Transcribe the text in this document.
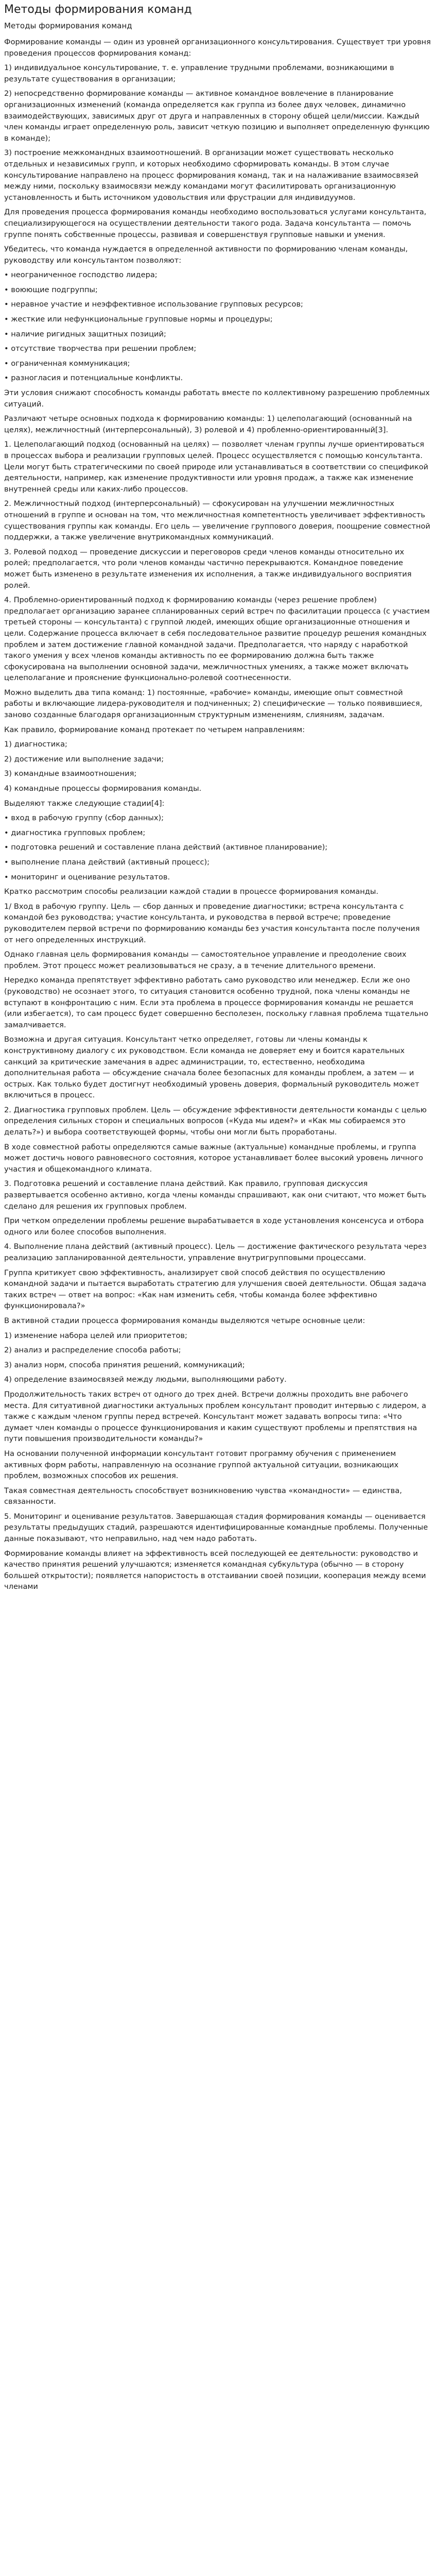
Методы формирования команд
Методы формирования команд

Формирование команды — один из уровней организационного консультирования. Существует три уровня проведения процессов формирования команд:

1) индивидуальное консультирование, т. е. управление трудными проблемами, возникающими в результате существования в организации;

2) непосредственно формирование команды — активное командное вовлечение в планирование организационных изменений (команда определяется как группа из более двух человек, динамично взаимодействующих, зависимых друг от друга и направленных в сторону общей цели/миссии. Каждый член команды играет определенную роль, зависит четкую позицию и выполняет определенную функцию в команде);

3) построение межкомандных взаимоотношений. В организации может существовать несколько отдельных и независимых групп, и которых необходимо сформировать команды. В этом случае консультирование направлено на процесс формирования команд, так и на налаживание взаимосвязей между ними, поскольку взаимосвязи между командами могут фасилитировать организационную установленность и быть источником удовольствия или фрустрации для индивидуумов.

Для проведения процесса формирования команды необходимо воспользоваться услугами консультанта, специализирующегося на осуществлении деятельности такого рода. Задача консультанта — помочь группе понять собственные процессы, развивая и совершенствуя групповые навыки и умения.

Убедитесь, что команда нуждается в определенной активности по формированию членам команды, руководству или консультантом позволяют:

• неограниченное господство лидера;

• воюющие подгруппы;

• неравное участие и неэффективное использование групповых ресурсов;

• жесткие или нефункциональные групповые нормы и процедуры;

• наличие ригидных защитных позиций;

• отсутствие творчества при решении проблем;

• ограниченная коммуникация;

• разногласия и потенциальные конфликты.

Эти условия снижают способность команды работать вместе по коллективному разрешению проблемных ситуаций.

Различают четыре основных подхода к формированию команды: 1) целеполагающий (основанный на целях), межличностный (интерперсональный), 3) ролевой и 4) проблемно-ориентированный[3].

1. Целеполагающий подход (основанный на целях) — позволяет членам группы лучше ориентироваться в процессах выбора и реализации групповых целей. Процесс осуществляется с помощью консультанта. Цели могут быть стратегическими по своей природе или устанавливаться в соответствии со спецификой деятельности, например, как изменение продуктивности или уровня продаж, а также как изменение внутренней среды или каких-либо процессов.

2. Межличностный подход (интерперсональный) — сфокусирован на улучшении межличностных отношений в группе и основан на том, что межличностная компетентность увеличивает эффективность существования группы как команды. Его цель — увеличение группового доверия, поощрение совместной поддержки, а также увеличение внутрикомандных коммуникаций.

3. Ролевой подход — проведение дискуссии и переговоров среди членов команды относительно их ролей; предполагается, что роли членов команды частично перекрываются. Командное поведение может быть изменено в результате изменения их исполнения, а также индивидуального восприятия ролей.

4. Проблемно-ориентированный подход к формированию команды (через решение проблем) предполагает организацию заранее спланированных серий встреч по фасилитации процесса (с участием третьей стороны — консультанта) с группой людей, имеющих общие организационные отношения и цели. Содержание процесса включает в себя последовательное развитие процедур решения командных проблем и затем достижение главной командной задачи. Предполагается, что наряду с наработкой такого умения у всех членов команды активность по ее формированию должна быть также сфокусирована на выполнении основной задачи, межличностных умениях, а также может включать целеполагание и прояснение функционально-ролевой соотнесенности.

Можно выделить два типа команд: 1) постоянные, «рабочие» команды, имеющие опыт совместной работы и включающие лидера-руководителя и подчиненных; 2) специфические — только появившиеся, заново созданные благодаря организационным структурным изменениям, слияниям, задачам.

Как правило, формирование команд протекает по четырем направлениям:

1) диагностика;

2) достижение или выполнение задачи;

3) командные взаимоотношения;

4) командные процессы формирования команды.

Выделяют также следующие стадии[4]:

• вход в рабочую группу (сбор данных);

• диагностика групповых проблем;

• подготовка решений и составление плана действий (активное планирование);

• выполнение плана действий (активный процесс);

• мониторинг и оценивание результатов.

Кратко рассмотрим способы реализации каждой стадии в процессе формирования команды.

1/ Вход в рабочую группу. Цель — сбор данных и проведение диагностики; встреча консультанта с командой без руководства; участие консультанта, и руководства в первой встрече; проведение руководителем первой встречи по формированию команды без участия консультанта после получения от него определенных инструкций.

Однако главная цель формирования команды — самостоятельное управление и преодоление своих проблем. Этот процесс может реализовываться не сразу, а в течение длительного времени.

Нередко команда препятствует эффективно работать само руководство или менеджер. Если же оно (руководство) не осознает этого, то ситуация становится особенно трудной, пока члены команды не вступают в конфронтацию с ним. Если эта проблема в процессе формирования команды не решается (или избегается), то сам процесс будет совершенно бесполезен, поскольку главная проблема тщательно замалчивается.

Возможна и другая ситуация. Консультант четко определяет, готовы ли члены команды к конструктивному диалогу с их руководством. Если команда не доверяет ему и боится карательных санкций за критические замечания в адрес администрации, то, естественно, необходима дополнительная работа — обсуждение сначала более безопасных для команды проблем, а затем — и острых. Как только будет достигнут необходимый уровень доверия, формальный руководитель может включиться в процесс.

2. Диагностика групповых проблем. Цель — обсуждение эффективности деятельности команды с целью определения сильных сторон и специальных вопросов («Куда мы идем?» и «Как мы собираемся это делать?») и выбора соответствующей формы, чтобы они могли быть проработаны.

В ходе совместной работы определяются самые важные (актуальные) командные проблемы, и группа может достичь нового равновесного состояния, которое устанавливает более высокий уровень личного участия и общекомандного климата.

3. Подготовка решений и составление плана действий. Как правило, групповая дискуссия развертывается особенно активно, когда члены команды спрашивают, как они считают, что может быть сделано для решения их групповых проблем.

При четком определении проблемы решение вырабатывается в ходе установления консенсуса и отбора одного или более способов выполнения.

4. Выполнение плана действий (активный процесс). Цель — достижение фактического результата через реализацию запланированной деятельности, управление внутригрупповыми процессами.

Группа критикует свою эффективность, анализирует свой способ действия по осуществлению командной задачи и пытается выработать стратегию для улучшения своей деятельности. Общая задача таких встреч — ответ на вопрос: «Как нам изменить себя, чтобы команда более эффективно функционировала?»

В активной стадии процесса формирования команды выделяются четыре основные цели:

1) изменение набора целей или приоритетов;

2) анализ и распределение способа работы;

3) анализ норм, способа принятия решений, коммуникаций;

4) определение взаимосвязей между людьми, выполняющими работу.

Продолжительность таких встреч от одного до трех дней. Встречи должны проходить вне рабочего места. Для ситуативной диагностики актуальных проблем консультант проводит интервью с лидером, а также с каждым членом группы перед встречей. Консультант может задавать вопросы типа: «Что думает член команды о процессе функционирования и каким существуют проблемы и препятствия на пути повышения производительности команды?»

На основании полученной информации консультант готовит программу обучения с применением активных форм работы, направленную на осознание группой актуальной ситуации, возникающих проблем, возможных способов их решения.

Такая совместная деятельность способствует возникновению чувства «командности» — единства, связанности.

5. Мониторинг и оценивание результатов. Завершающая стадия формирования команды — оценивается результаты предыдущих стадий, разрешаются идентифицированные командные проблемы. Полученные данные показывают, что неправильно, над чем надо работать.

Формирование команды влияет на эффективность всей последующей ее деятельности: руководство и качество принятия решений улучшаются; изменяется командная субкультура (обычно — в сторону большей открытости); появляется напористость в отстаивании своей позиции, кооперация между всеми членами
